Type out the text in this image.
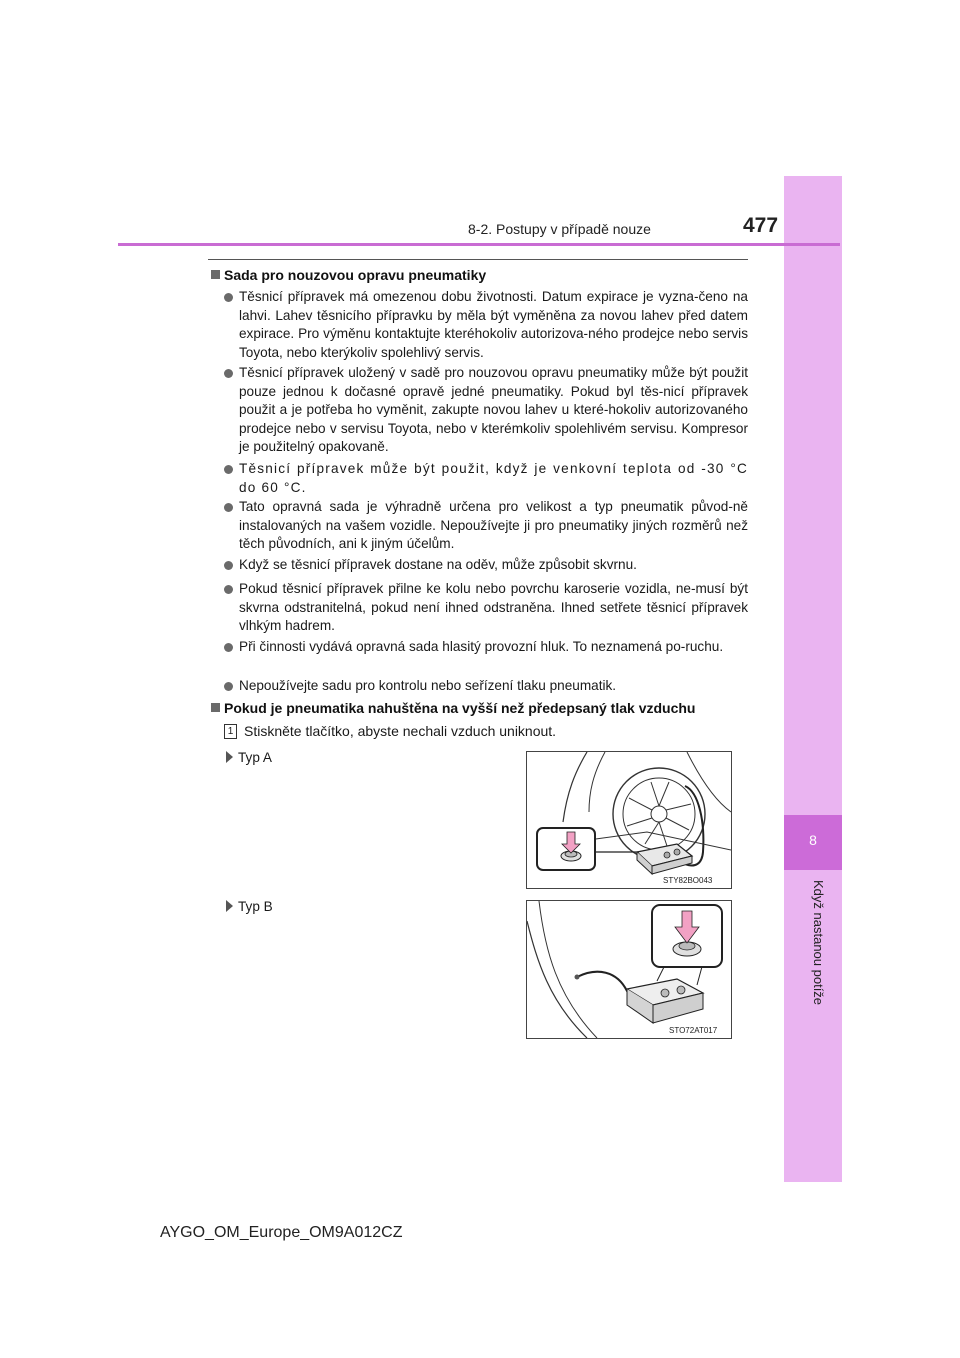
8
Když nastanou potíže
8-2. Postupy v případě nouze	477
Sada pro nouzovou opravu pneumatiky
Těsnicí přípravek má omezenou dobu životnosti. Datum expirace je vyzna-čeno na lahvi. Lahev těsnicího přípravku by měla být vyměněna za novou lahev před datem expirace. Pro výměnu kontaktujte kteréhokoliv autorizova-ného prodejce nebo servis Toyota, nebo kterýkoliv spolehlivý servis.
Těsnicí přípravek uložený v sadě pro nouzovou opravu pneumatiky může být použit pouze jednou k dočasné opravě jedné pneumatiky. Pokud byl těs-nicí přípravek použit a je potřeba ho vyměnit, zakupte novou lahev u které-hokoliv autorizovaného prodejce nebo v servisu Toyota, nebo v kterémkoliv spolehlivém servisu. Kompresor je použitelný opakovaně.
Těsnicí přípravek může být použit, když je venkovní teplota od -30 °C do 60 °C.
Tato opravná sada je výhradně určena pro velikost a typ pneumatik původ-ně instalovaných na vašem vozidle. Nepoužívejte ji pro pneumatiky jiných rozměrů než těch původních, ani k jiným účelům.
Když se těsnicí přípravek dostane na oděv, může způsobit skvrnu.
Pokud těsnicí přípravek přilne ke kolu nebo povrchu karoserie vozidla, ne-musí být skvrna odstranitelná, pokud není ihned odstraněna. Ihned setřete těsnicí přípravek vlhkým hadrem.
Při činnosti vydává opravná sada hlasitý provozní hluk. To neznamená po-ruchu.
Nepoužívejte sadu pro kontrolu nebo seřízení tlaku pneumatik.
Pokud je pneumatika nahuštěna na vyšší než předepsaný tlak vzduchu
1 Stiskněte tlačítko, abyste nechali vzduch uniknout.
Typ A
Typ B
STY82BO043
STO72AT017
AYGO_OM_Europe_OM9A012CZ
